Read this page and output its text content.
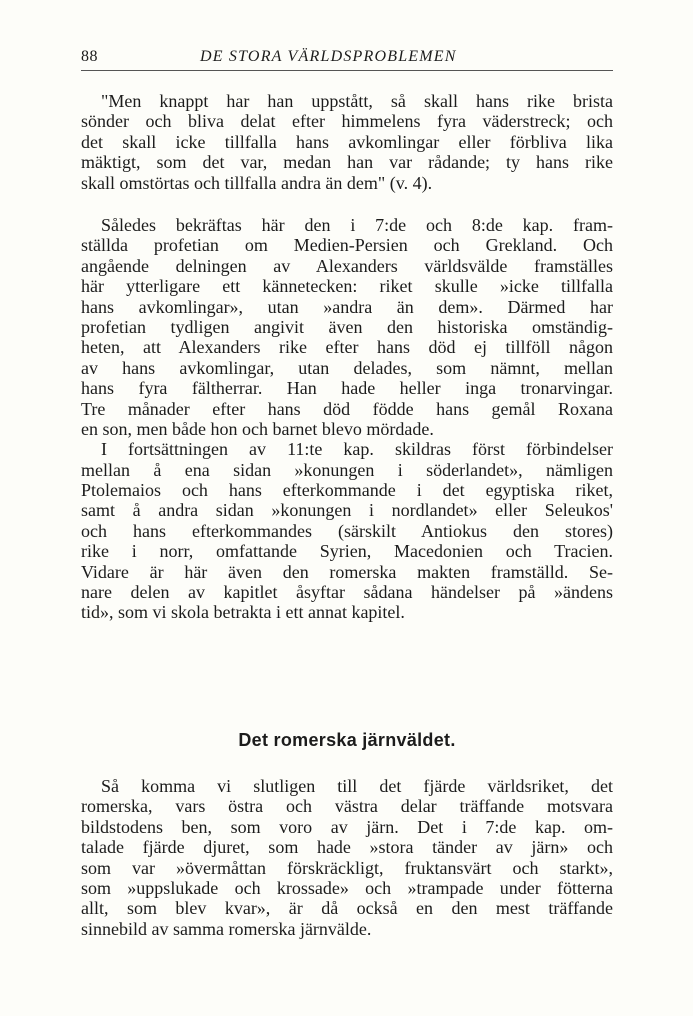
88	DE STORA VÄRLDSPROBLEMEN
"Men knappt har han uppstått, så skall hans rike brista
sönder och bliva delat efter himmelens fyra väderstreck; och
det skall icke tillfalla hans avkomlingar eller förbliva lika
mäktigt, som det var, medan han var rådande; ty hans rike
skall omstörtas och tillfalla andra än dem" (v. 4).
Således bekräftas här den i 7:de och 8:de kap. fram-
ställda profetian om Medien-Persien och Grekland. Och
angående delningen av Alexanders världsvälde framställes
här ytterligare ett kännetecken: riket skulle »icke tillfalla
hans avkomlingar», utan »andra än dem». Därmed har
profetian tydligen angivit även den historiska omständig-
heten, att Alexanders rike efter hans död ej tillföll någon
av hans avkomlingar, utan delades, som nämnt, mellan
hans fyra fältherrar. Han hade heller inga tronarvingar.
Tre månader efter hans död födde hans gemål Roxana
en son, men både hon och barnet blevo mördade.
I fortsättningen av 11:te kap. skildras först förbindelser
mellan å ena sidan »konungen i söderlandet», nämligen
Ptolemaios och hans efterkommande i det egyptiska riket,
samt å andra sidan »konungen i nordlandet» eller Seleukos'
och hans efterkommandes (särskilt Antiokus den stores)
rike i norr, omfattande Syrien, Macedonien och Tracien.
Vidare är här även den romerska makten framställd. Se-
nare delen av kapitlet åsyftar sådana händelser på »ändens
tid», som vi skola betrakta i ett annat kapitel.
Det romerska järnväldet.
Så komma vi slutligen till det fjärde världsriket, det
romerska, vars östra och västra delar träffande motsvara
bildstodens ben, som voro av järn. Det i 7:de kap. om-
talade fjärde djuret, som hade »stora tänder av järn» och
som var »övermåttan förskräckligt, fruktansvärt och starkt»,
som »uppslukade och krossade» och »trampade under fötterna
allt, som blev kvar», är då också en den mest träffande
sinnebild av samma romerska järnvälde.
